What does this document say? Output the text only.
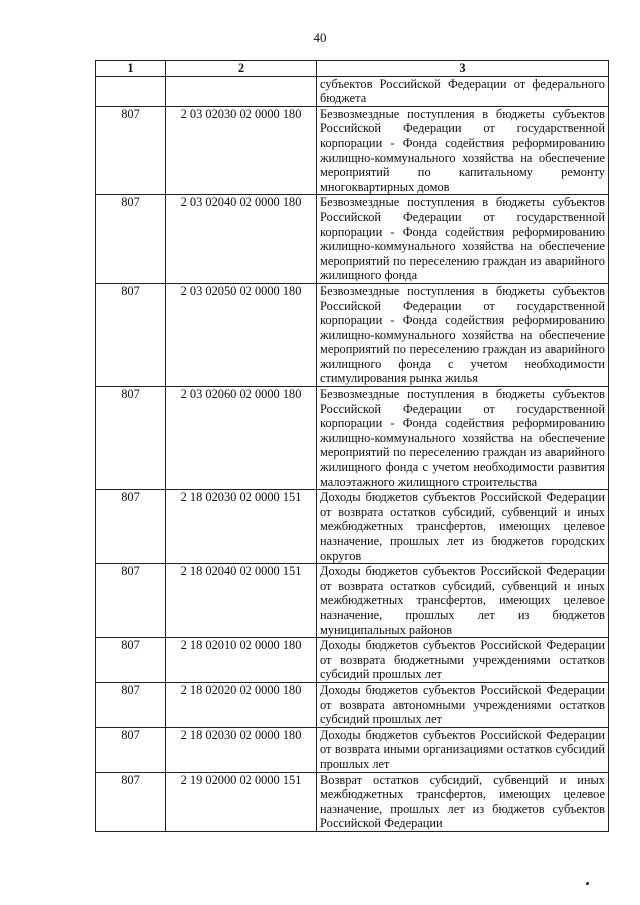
40
1	2	3
		субъектов Российской Федерации от федерального бюджета
807	2 03 02030 02 0000 180	Безвозмездные поступления в бюджеты субъектов Российской Федерации от государственной корпорации - Фонда содействия реформированию жилищно-коммунального хозяйства на обеспечение мероприятий по капитальному ремонту многоквартирных домов
807	2 03 02040 02 0000 180	Безвозмездные поступления в бюджеты субъектов Российской Федерации от государственной корпорации - Фонда содействия реформированию жилищно-коммунального хозяйства на обеспечение мероприятий по переселению граждан из аварийного жилищного фонда
807	2 03 02050 02 0000 180	Безвозмездные поступления в бюджеты субъектов Российской Федерации от государственной корпорации - Фонда содействия реформированию жилищно-коммунального хозяйства на обеспечение мероприятий по переселению граждан из аварийного жилищного фонда с учетом необходимости стимулирования рынка жилья
807	2 03 02060 02 0000 180	Безвозмездные поступления в бюджеты субъектов Российской Федерации от государственной корпорации - Фонда содействия реформированию жилищно-коммунального хозяйства на обеспечение мероприятий по переселению граждан из аварийного жилищного фонда с учетом необходимости развития малоэтажного жилищного строительства
807	2 18 02030 02 0000 151	Доходы бюджетов субъектов Российской Федерации от возврата остатков субсидий, субвенций и иных межбюджетных трансфертов, имеющих целевое назначение, прошлых лет из бюджетов городских округов
807	2 18 02040 02 0000 151	Доходы бюджетов субъектов Российской Федерации от возврата остатков субсидий, субвенций и иных межбюджетных трансфертов, имеющих целевое назначение, прошлых лет из бюджетов муниципальных районов
807	2 18 02010 02 0000 180	Доходы бюджетов субъектов Российской Федерации от возврата бюджетными учреждениями остатков субсидий прошлых лет
807	2 18 02020 02 0000 180	Доходы бюджетов субъектов Российской Федерации от возврата автономными учреждениями остатков субсидий прошлых лет
807	2 18 02030 02 0000 180	Доходы бюджетов субъектов Российской Федерации от возврата иными организациями остатков субсидий прошлых лет
807	2 19 02000 02 0000 151	Возврат остатков субсидий, субвенций и иных межбюджетных трансфертов, имеющих целевое назначение, прошлых лет из бюджетов субъектов Российской Федерации
